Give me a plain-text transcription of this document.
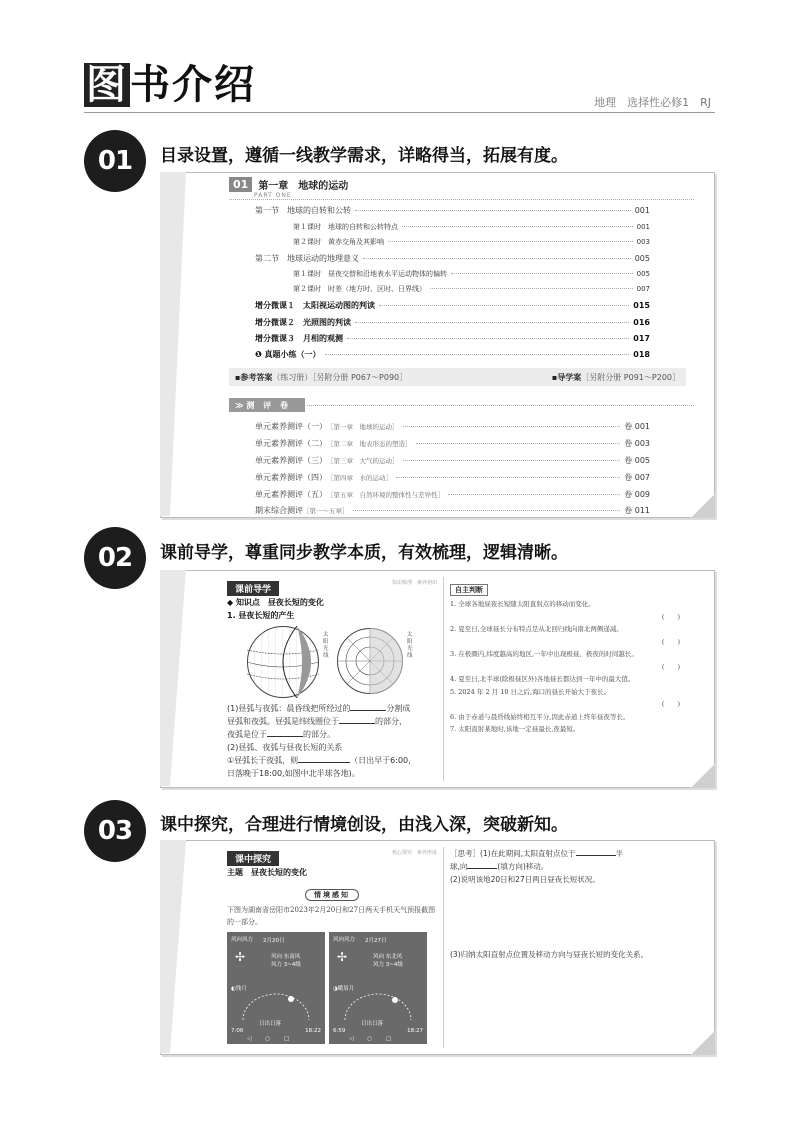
图书介绍	地理　选择性必修1　RJ
01	目录设置，遵循一线教学需求，详略得当，拓展有度。
01	第一章　地球的运动
PART ONE
第一节　地球的自转和公转	001
第１课时　地球的自转和公转特点	001
第２课时　黄赤交角及其影响	003
第二节　地球运动的地理意义	005
第１课时　昼夜交替和沿地表水平运动物体的偏转	005
第２课时　时差（地方时、区时、日界线）	007
增分微课１　太阳视运动图的判读	015
增分微课２　光照图的判读	016
增分微课３　月相的观测	017
❶ 真题小练（一）	018
▪参考答案（练习册）［另附分册 P067～P090］	▪导学案［另附分册 P091～P200］
≫测 评 卷
单元素养测评（一） ［第一章　地球的运动］	卷 001
单元素养测评（二） ［第二章　地表形态的塑造］	卷 003
单元素养测评（三） ［第三章　大气的运动］	卷 005
单元素养测评（四） ［第四章　水的运动］	卷 007
单元素养测评（五） ［第五章　自然环境的整体性与差异性］	卷 009
期末综合测评 ［第一～五章］	卷 011
02	课前导学，尊重同步教学本质，有效梳理，逻辑清晰。
课前导学
知识梳理　素养初识
◆ 知识点　昼夜长短的变化
1. 昼夜长短的产生
太阳光线
太阳光线
(1)昼弧与夜弧：晨昏线把所经过的	分割成
昼弧和夜弧。昼弧是纬线圈位于	的部分，
夜弧是位于	的部分。
(2)昼弧、夜弧与昼夜长短的关系
①昼弧长于夜弧，则	（日出早于6:00，
日落晚于18:00,如图中北半球各地)。
自主判断
1. 全球各地昼夜长短随太阳直射点的移动而变化。
(　　)
2. 夏至日,全球昼长分布特点是从北回归线向南北两侧递减。
(　　)
3. 在极圈内,纬度越高的地区,一年中出现极昼、极夜的时间越长。
(　　)
4. 夏至日,北半球(除极昼区外)各地昼长都达到一年中的最大值。
5. 2024 年 2 月 10 日之后,海口的昼长开始大于夜长。
(　　)
6. 由于赤道与晨昏线始终相互平分,因此赤道上终年昼夜等长。
7. 太阳直射某地时,该地一定昼最长,夜最短。
03	课中探究，合理进行情境创设，由浅入深，突破新知。
课中探究
核心探究　素养形成
主题　昼夜长短的变化
情境感知
下图为湖南省岳阳市2023年2月20日和27日两天手机天气预报截图的一部分。
风向风力 2月20日
✢	风向 东南风
风力 3~4级
◐残月
日出日落
7:06	18:22
◁○□
风向风力 2月27日
✢	风向 东北风
风力 3~4级
◑蛾眉月
日出日落
6:59	18:27
◁○□
［思考］(1)在此期间,太阳直射点位于	半
球,向	(填方向)移动。
(2)说明该地20日和27日两日昼夜长短状况。
(3)归纳太阳直射点位置及移动方向与昼夜长短的变化关系。
